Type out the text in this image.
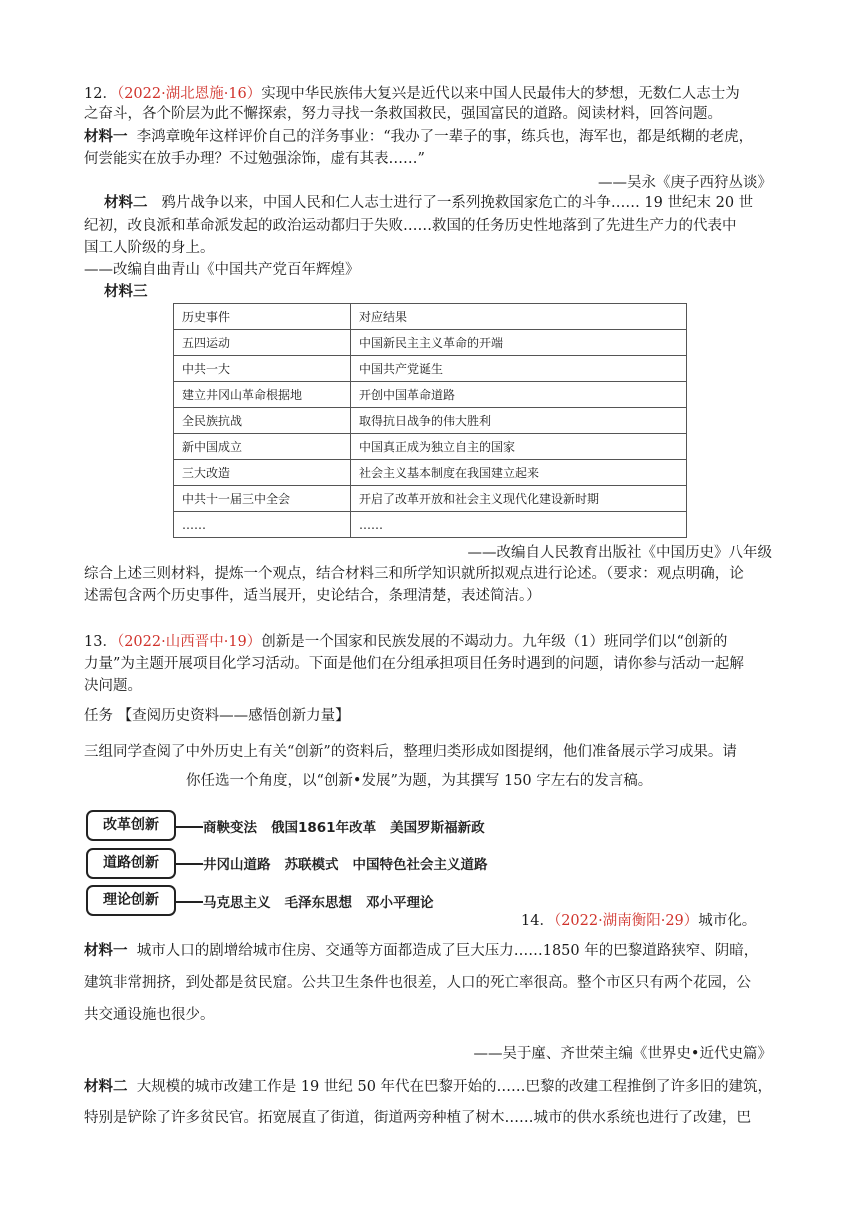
12．（2022·湖北恩施·16）实现中华民族伟大复兴是近代以来中国人民最伟大的梦想，无数仁人志士为
之奋斗，各个阶层为此不懈探索，努力寻找一条救国救民，强国富民的道路。阅读材料，回答问题。
材料一 李鸿章晚年这样评价自己的洋务事业：“我办了一辈子的事，练兵也，海军也，都是纸糊的老虎，
何尝能实在放手办理？不过勉强涂饰，虚有其表……”
——吴永《庚子西狩丛谈》
材料二 鸦片战争以来，中国人民和仁人志士进行了一系列挽救国家危亡的斗争…… 19 世纪末 20 世
纪初，改良派和革命派发起的政治运动都归于失败……救国的任务历史性地落到了先进生产力的代表中
国工人阶级的身上。
——改编自曲青山《中国共产党百年辉煌》
材料三
历史事件	对应结果
五四运动	中国新民主主义革命的开端
中共一大	中国共产党诞生
建立井冈山革命根据地	开创中国革命道路
全民族抗战	取得抗日战争的伟大胜利
新中国成立	中国真正成为独立自主的国家
三大改造	社会主义基本制度在我国建立起来
中共十一届三中全会	开启了改革开放和社会主义现代化建设新时期
……	……
——改编自人民教育出版社《中国历史》八年级
综合上述三则材料，提炼一个观点，结合材料三和所学知识就所拟观点进行论述。（要求：观点明确，论
述需包含两个历史事件，适当展开，史论结合，条理清楚，表述简洁。）
13．（2022·山西晋中·19）创新是一个国家和民族发展的不竭动力。九年级（1）班同学们以“创新的
力量”为主题开展项目化学习活动。下面是他们在分组承担项目任务时遇到的问题，请你参与活动一起解
决问题。
任务 【查阅历史资料——感悟创新力量】
三组同学查阅了中外历史上有关“创新”的资料后，整理归类形成如图提纲，他们准备展示学习成果。请
你任选一个角度，以“创新•发展”为题，为其撰写 150 字左右的发言稿。
改革创新	商鞅变法 俄国1861年改革 美国罗斯福新政
道路创新	井冈山道路 苏联模式 中国特色社会主义道路
理论创新	马克思主义 毛泽东思想 邓小平理论
14．（2022·湖南衡阳·29）城市化。
材料一 城市人口的剧增给城市住房、交通等方面都造成了巨大压力……1850 年的巴黎道路狭窄、阴暗，
建筑非常拥挤，到处都是贫民窟。公共卫生条件也很差，人口的死亡率很高。整个市区只有两个花园，公
共交通设施也很少。
——吴于廑、齐世荣主编《世界史•近代史篇》
材料二 大规模的城市改建工作是 19 世纪 50 年代在巴黎开始的……巴黎的改建工程推倒了许多旧的建筑，
特别是铲除了许多贫民官。拓宽展直了街道，街道两旁种植了树木……城市的供水系统也进行了改建，巴
